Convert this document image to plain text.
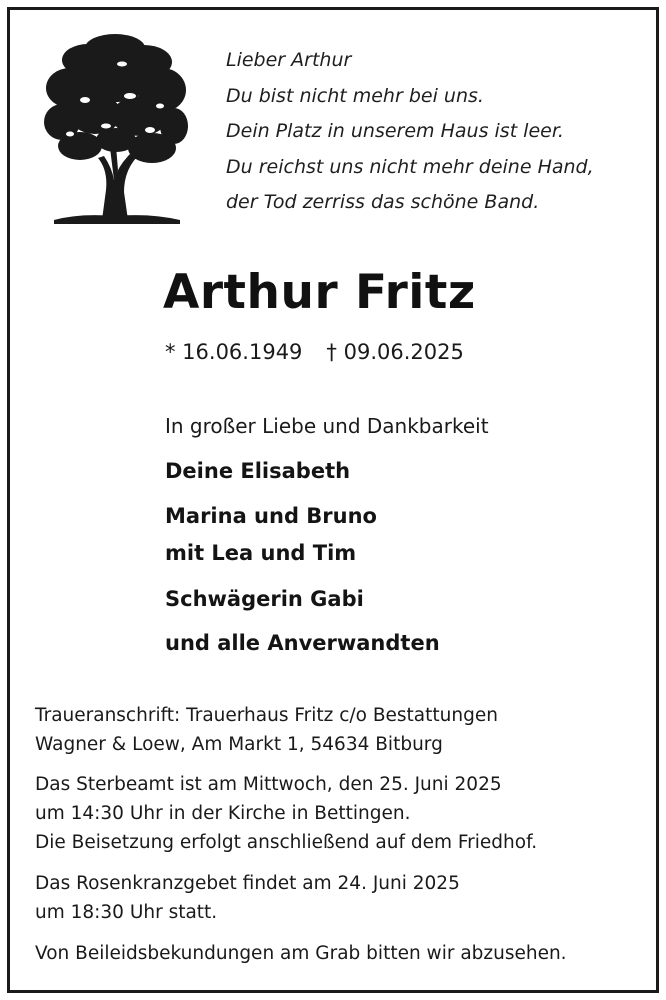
Lieber Arthur
Du bist nicht mehr bei uns.
Dein Platz in unserem Haus ist leer.
Du reichst uns nicht mehr deine Hand,
der Tod zerriss das schöne Band.
Arthur Fritz
* 16.06.1949 † 09.06.2025
In großer Liebe und Dankbarkeit
Deine Elisabeth
Marina und Bruno
mit Lea und Tim
Schwägerin Gabi
und alle Anverwandten
Traueranschrift: Trauerhaus Fritz c/o Bestattungen
Wagner & Loew, Am Markt 1, 54634 Bitburg
Das Sterbeamt ist am Mittwoch, den 25. Juni 2025
um 14:30 Uhr in der Kirche in Bettingen.
Die Beisetzung erfolgt anschließend auf dem Friedhof.
Das Rosenkranzgebet findet am 24. Juni 2025
um 18:30 Uhr statt.
Von Beileidsbekundungen am Grab bitten wir abzusehen.
